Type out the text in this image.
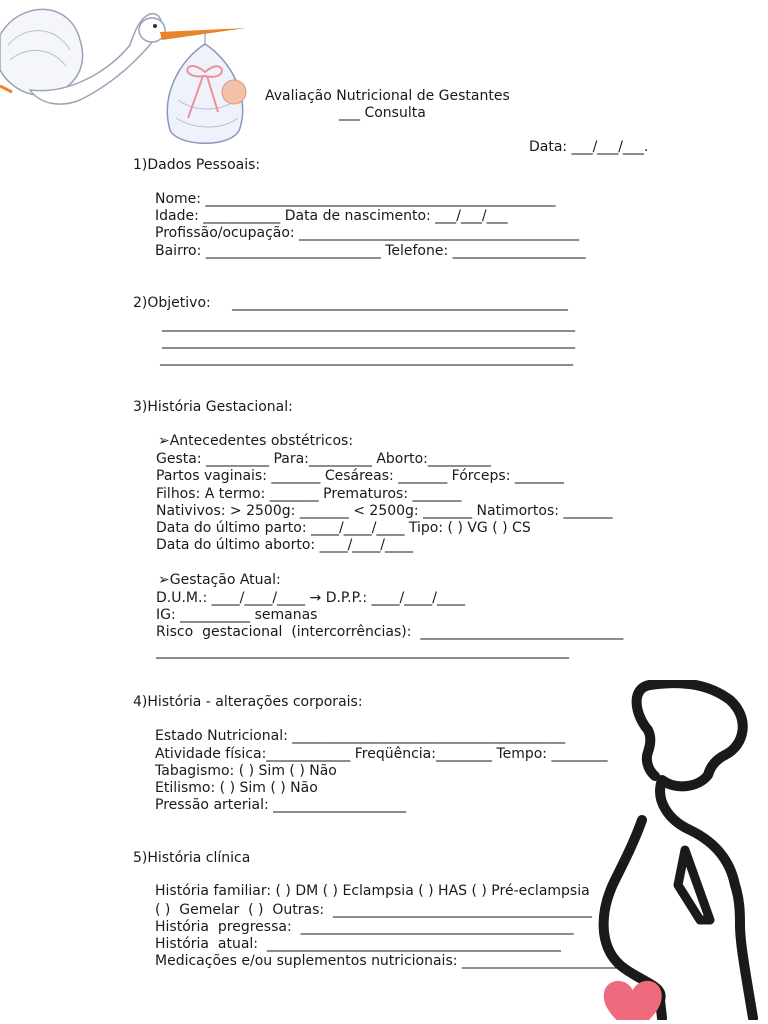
Avaliação Nutricional de Gestantes
___ Consulta
Data: ___/___/___.
1)Dados Pessoais:
Nome: __________________________________________________
Idade: ___________ Data de nascimento: ___/___/___
Profissão/ocupação: ________________________________________
Bairro: _________________________ Telefone: ___________________
2)Objetivo: ________________________________________________
___________________________________________________________
___________________________________________________________
___________________________________________________________
3)História Gestacional:
➢Antecedentes obstétricos:
Gesta: _________ Para:_________ Aborto:_________
Partos vaginais: _______ Cesáreas: _______ Fórceps: _______
Filhos: A termo: _______ Prematuros: _______
Nativivos: > 2500g: _______ < 2500g: _______ Natimortos: _______
Data do último parto: ____/____/____ Tipo: ( ) VG ( ) CS
Data do último aborto: ____/____/____
➢Gestação Atual:
D.U.M.: ____/____/____ → D.P.P.: ____/____/____
IG: __________ semanas
Risco  gestacional  (intercorrências):  _____________________________
___________________________________________________________
4)História - alterações corporais:
Estado Nutricional: _______________________________________
Atividade física:____________ Freqüência:________ Tempo: ________
Tabagismo: ( ) Sim ( ) Não
Etilismo: ( ) Sim ( ) Não
Pressão arterial: ___________________
5)História clínica
História familiar: ( ) DM ( ) Eclampsia ( ) HAS ( ) Pré-eclampsia
( )  Gemelar  ( )  Outras:  _____________________________________
História  pregressa:  _______________________________________
História  atual:  __________________________________________
Medicações e/ou suplementos nutricionais: _______________________
